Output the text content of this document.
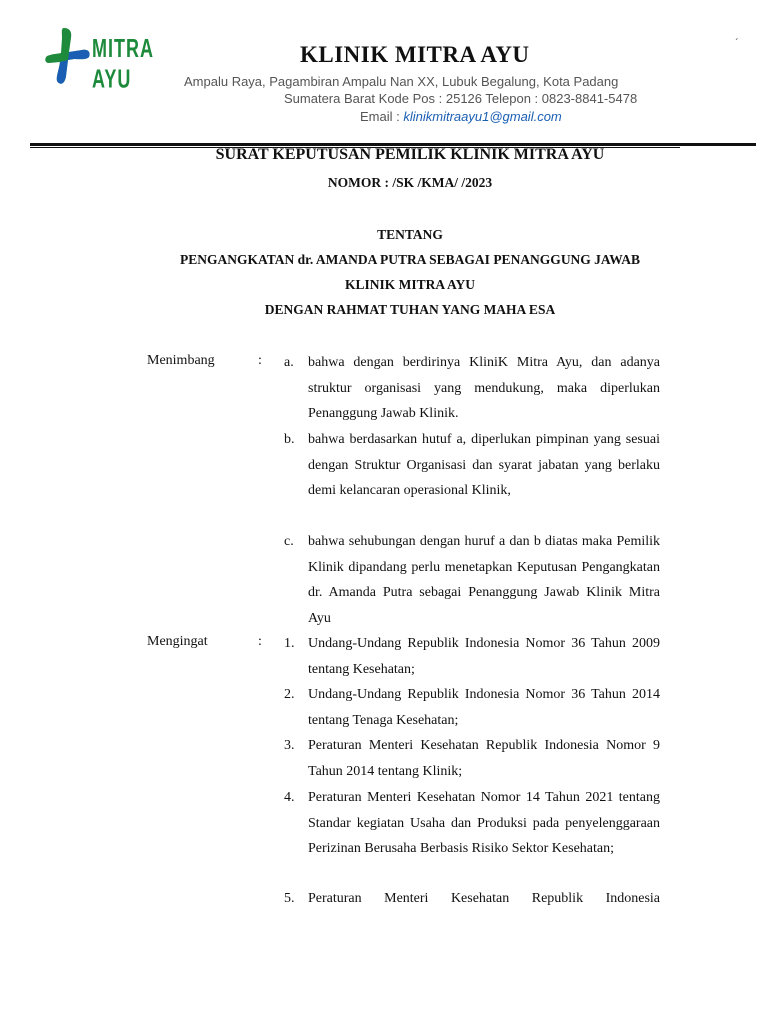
MITRA AYU
´
KLINIK MITRA AYU
Ampalu Raya, Pagambiran Ampalu Nan XX, Lubuk Begalung, Kota Padang
Sumatera Barat Kode Pos : 25126 Telepon : 0823-8841-5478
Email : klinikmitraayu1@gmail.com
SURAT KEPUTUSAN PEMILIK KLINIK MITRA AYU
NOMOR : /SK /KMA/ /2023
TENTANG
PENGANGKATAN dr. AMANDA PUTRA SEBAGAI PENANGGUNG JAWAB
KLINIK MITRA AYU
DENGAN RAHMAT TUHAN YANG MAHA ESA
Menimbang	: a. bahwa dengan berdirinya KliniK Mitra Ayu, dan adanya struktur organisasi yang mendukung, maka diperlukan Penanggung Jawab Klinik.
b. bahwa berdasarkan hutuf a, diperlukan pimpinan yang sesuai dengan Struktur Organisasi dan syarat jabatan yang berlaku demi kelancaran operasional Klinik,
c. bahwa sehubungan dengan huruf a dan b diatas maka Pemilik Klinik dipandang perlu menetapkan Keputusan Pengangkatan dr. Amanda Putra sebagai Penanggung Jawab Klinik Mitra Ayu
Mengingat	: 1. Undang-Undang Republik Indonesia Nomor 36 Tahun 2009 tentang Kesehatan;
2. Undang-Undang Republik Indonesia Nomor 36 Tahun 2014 tentang Tenaga Kesehatan;
3. Peraturan Menteri Kesehatan Republik Indonesia Nomor 9 Tahun 2014 tentang Klinik;
4. Peraturan Menteri Kesehatan Nomor 14 Tahun 2021 tentang Standar kegiatan Usaha dan Produksi pada penyelenggaraan Perizinan Berusaha Berbasis Risiko Sektor Kesehatan;
5. Peraturan Menteri Kesehatan Republik Indonesia
